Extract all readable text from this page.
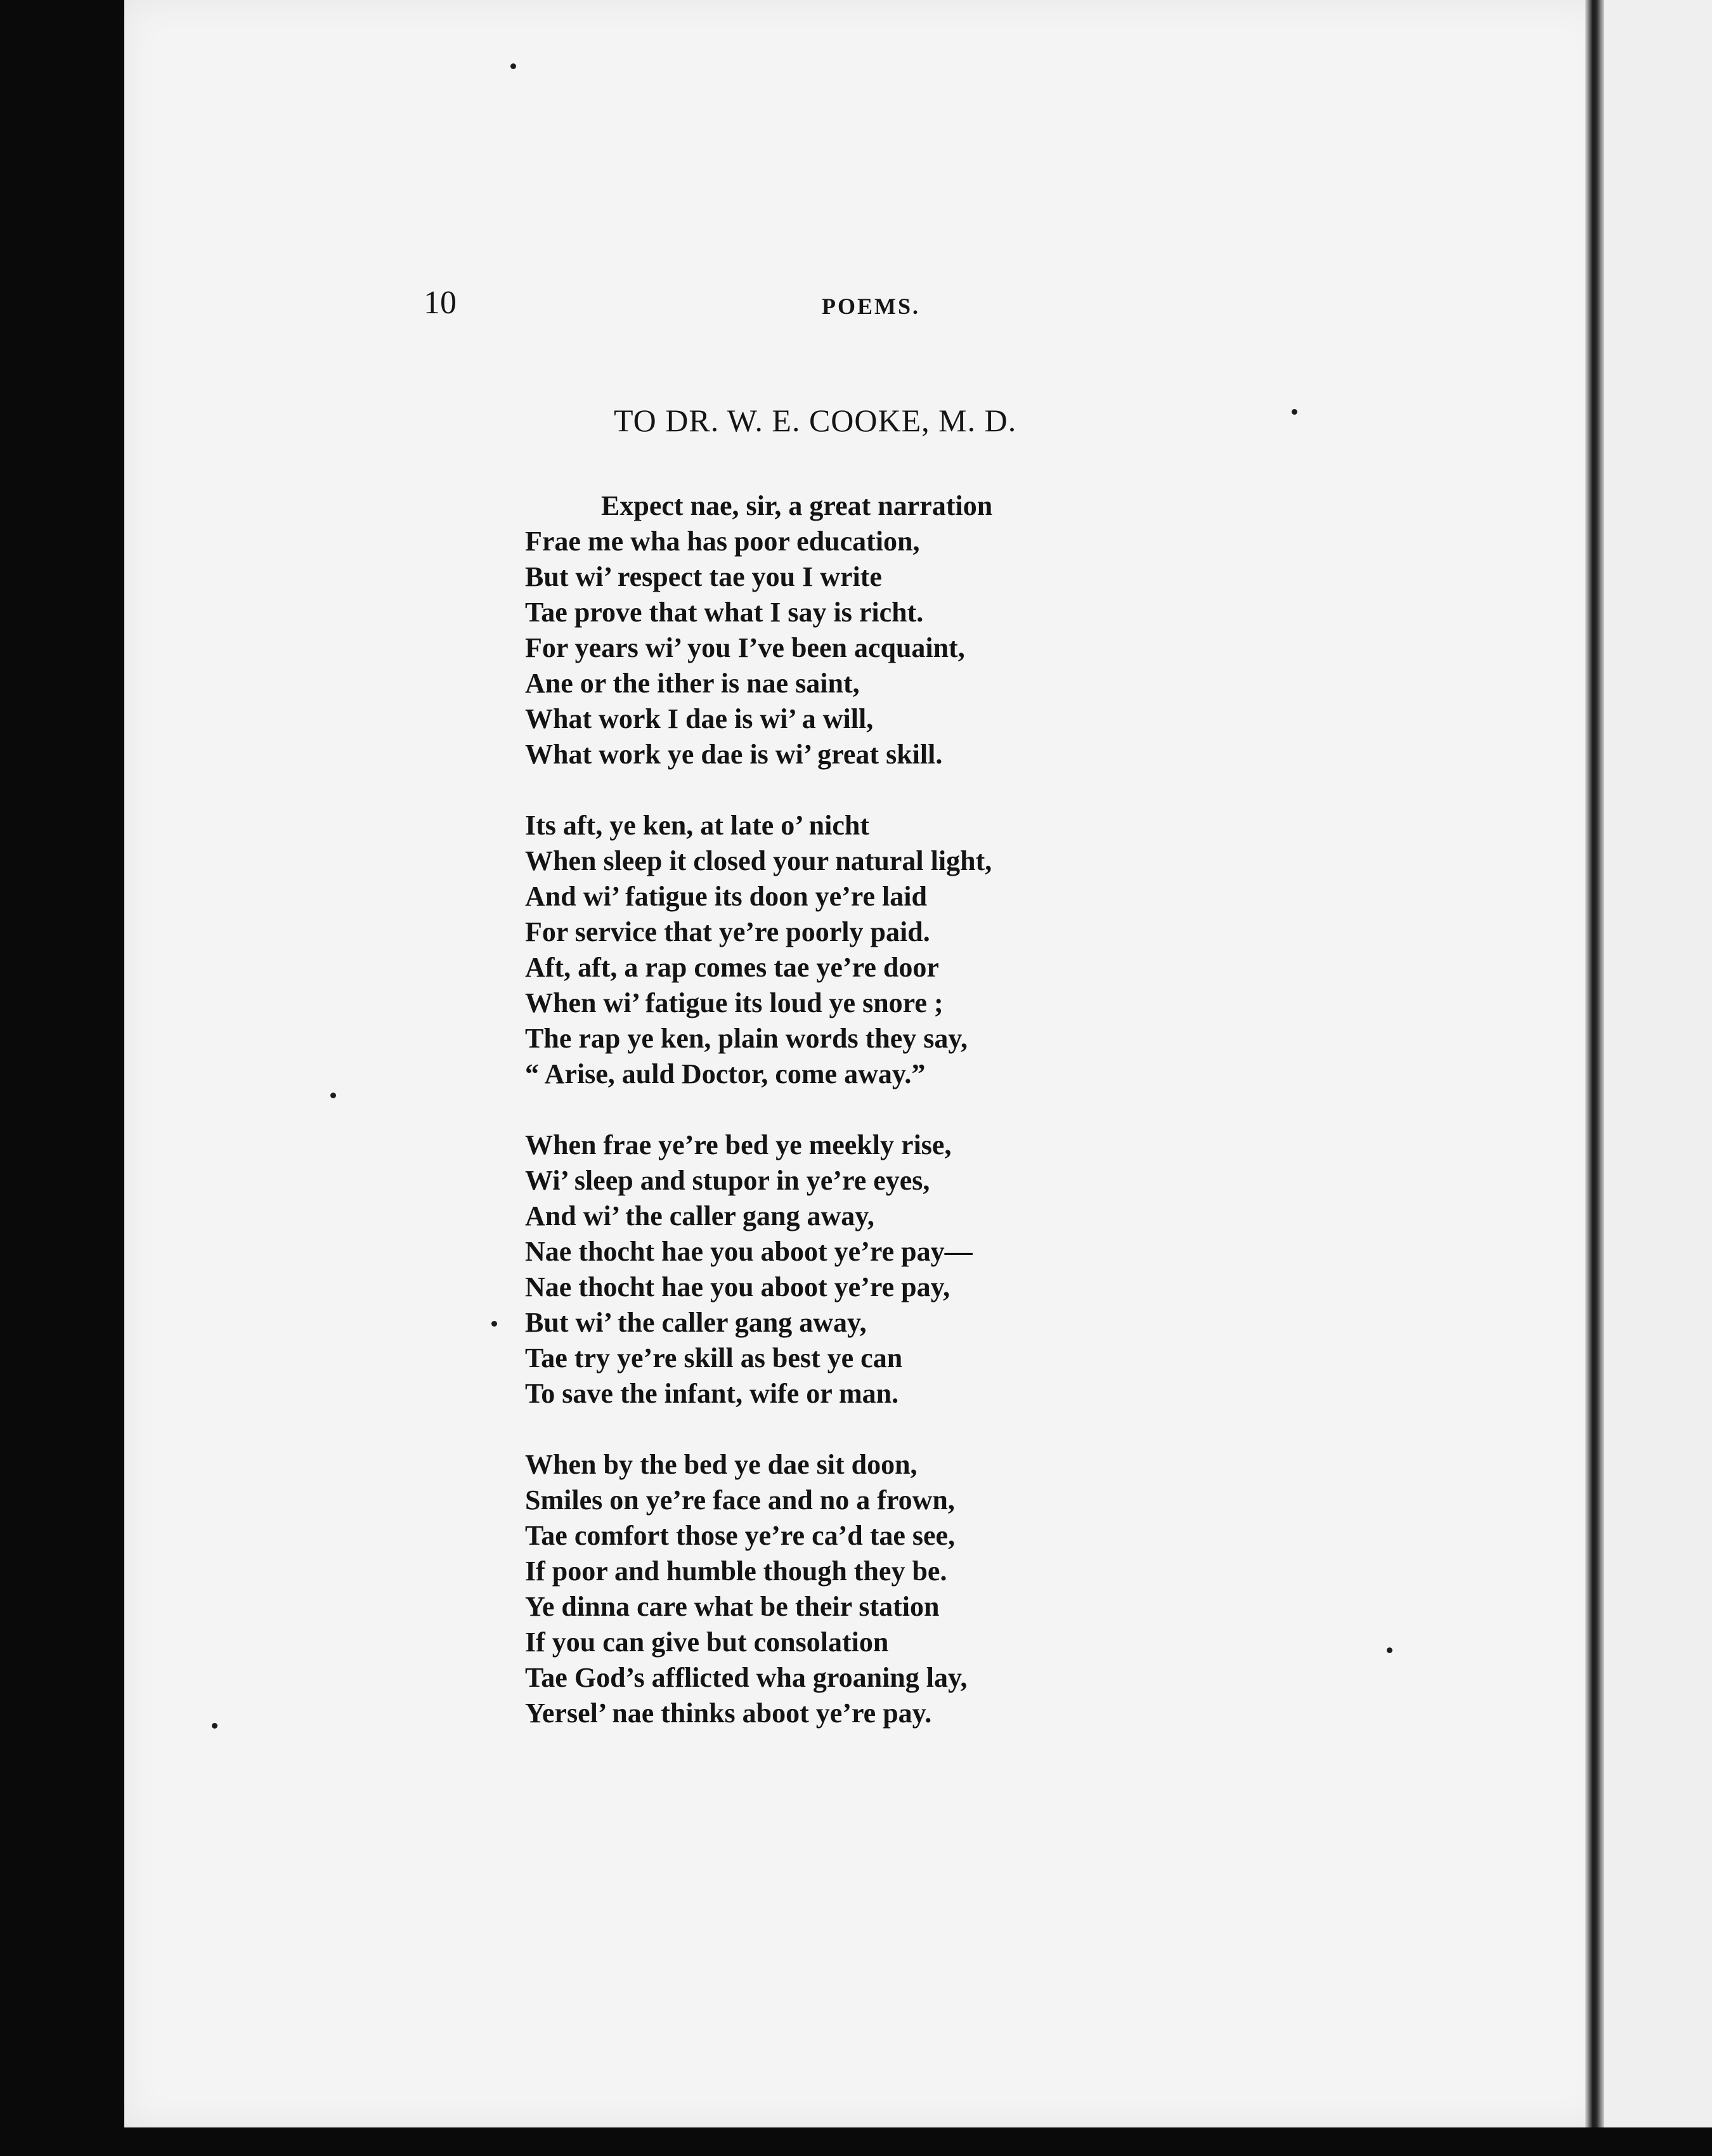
10	POEMS.
TO DR. W. E. COOKE, M. D.
Expect nae, sir, a great narration
Frae me wha has poor education,
But wi’ respect tae you I write
Tae prove that what I say is richt.
For years wi’ you I’ve been acquaint,
Ane or the ither is nae saint,
What work I dae is wi’ a will,
What work ye dae is wi’ great skill.
Its aft, ye ken, at late o’ nicht
When sleep it closed your natural light,
And wi’ fatigue its doon ye’re laid
For service that ye’re poorly paid.
Aft, aft, a rap comes tae ye’re door
When wi’ fatigue its loud ye snore ;
The rap ye ken, plain words they say,
“ Arise, auld Doctor, come away.”
When frae ye’re bed ye meekly rise,
Wi’ sleep and stupor in ye’re eyes,
And wi’ the caller gang away,
Nae thocht hae you aboot ye’re pay—
Nae thocht hae you aboot ye’re pay,
But wi’ the caller gang away,
Tae try ye’re skill as best ye can
To save the infant, wife or man.
When by the bed ye dae sit doon,
Smiles on ye’re face and no a frown,
Tae comfort those ye’re ca’d tae see,
If poor and humble though they be.
Ye dinna care what be their station
If you can give but consolation
Tae God’s afflicted wha groaning lay,
Yersel’ nae thinks aboot ye’re pay.
